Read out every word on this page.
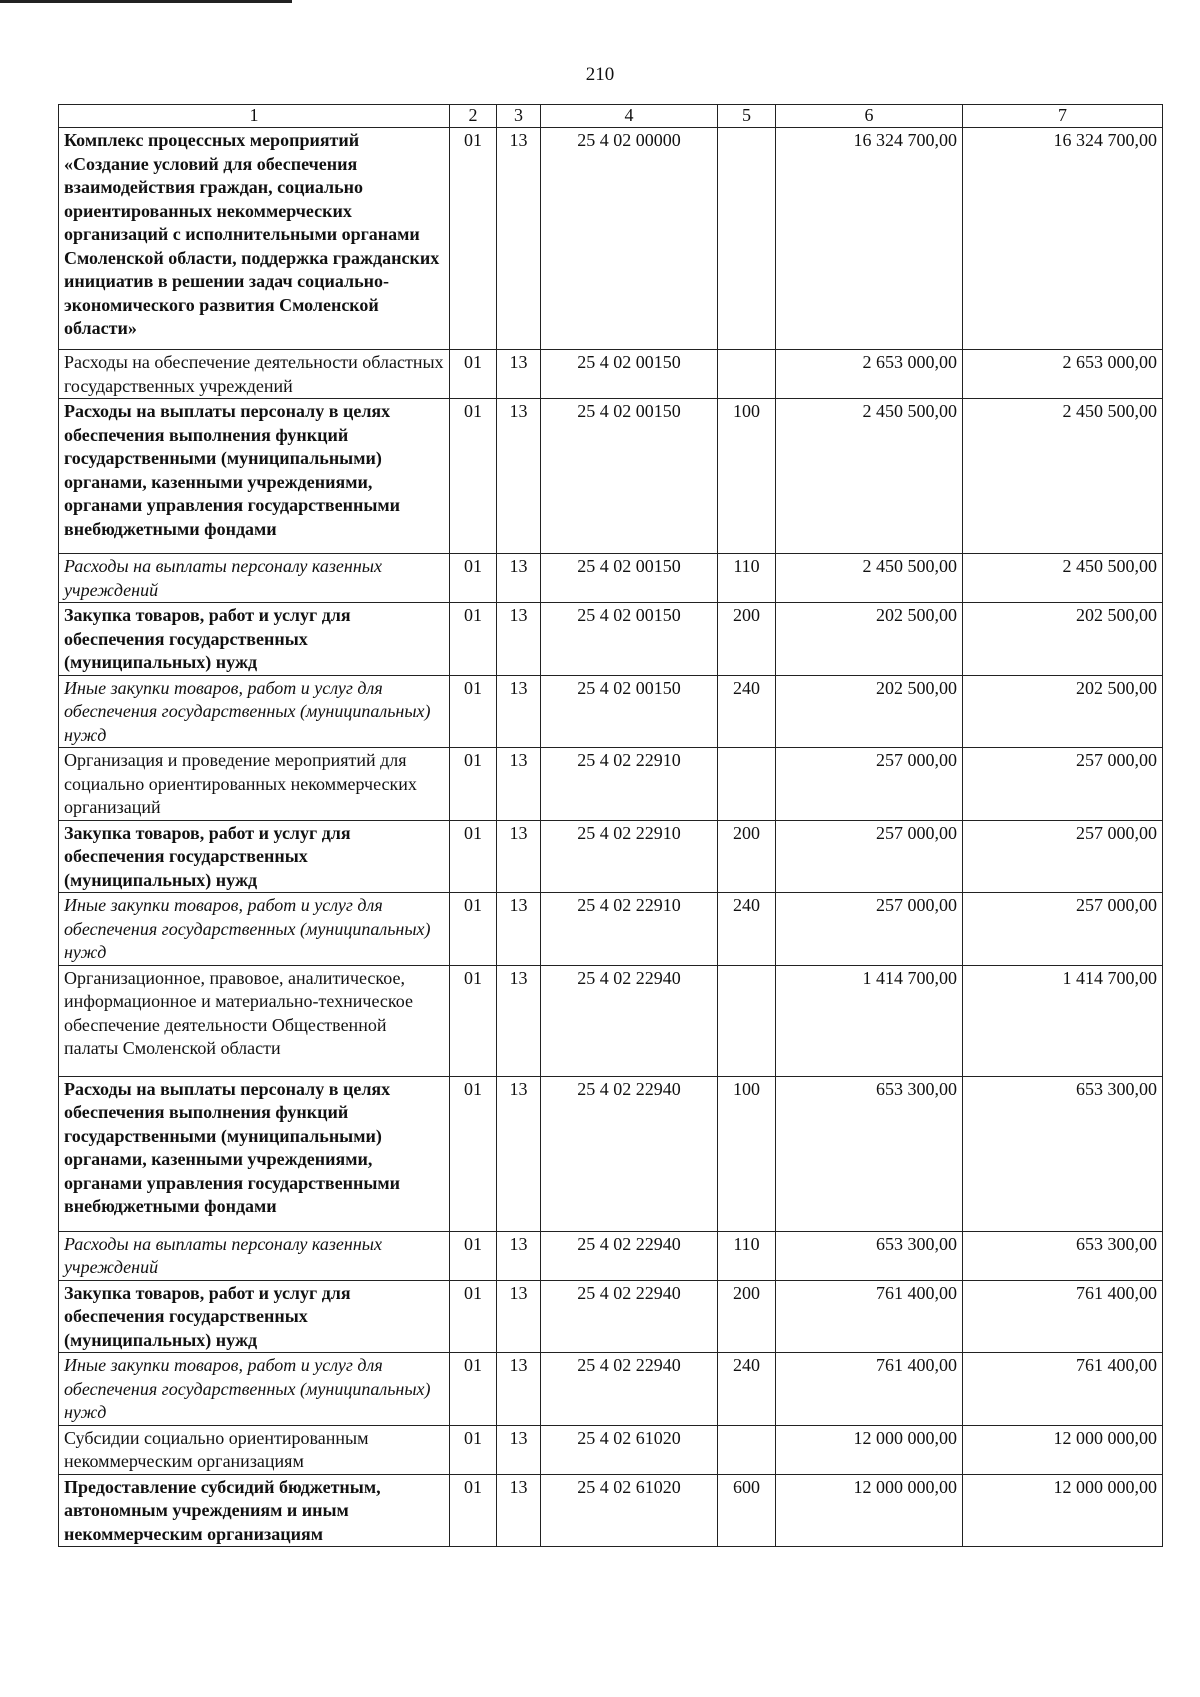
210
1	2	3	4	5	6	7
Комплекс процессных мероприятий «Создание условий для обеспечения взаимодействия граждан, социально ориентированных некоммерческих организаций с исполнительными органами Смоленской области, поддержка гражданских инициатив в решении задач социально-экономического развития Смоленской области»	01	13	25 4 02 00000		16 324 700,00	16 324 700,00
Расходы на обеспечение деятельности областных государственных учреждений	01	13	25 4 02 00150		2 653 000,00	2 653 000,00
Расходы на выплаты персоналу в целях обеспечения выполнения функций государственными (муниципальными) органами, казенными учреждениями, органами управления государственными внебюджетными фондами	01	13	25 4 02 00150	100	2 450 500,00	2 450 500,00
Расходы на выплаты персоналу казенных учреждений	01	13	25 4 02 00150	110	2 450 500,00	2 450 500,00
Закупка товаров, работ и услуг для обеспечения государственных (муниципальных) нужд	01	13	25 4 02 00150	200	202 500,00	202 500,00
Иные закупки товаров, работ и услуг для обеспечения государственных (муниципальных) нужд	01	13	25 4 02 00150	240	202 500,00	202 500,00
Организация и проведение мероприятий для социально ориентированных некоммерческих организаций	01	13	25 4 02 22910		257 000,00	257 000,00
Закупка товаров, работ и услуг для обеспечения государственных (муниципальных) нужд	01	13	25 4 02 22910	200	257 000,00	257 000,00
Иные закупки товаров, работ и услуг для обеспечения государственных (муниципальных) нужд	01	13	25 4 02 22910	240	257 000,00	257 000,00
Организационное, правовое, аналитическое, информационное и материально-техническое обеспечение деятельности Общественной палаты Смоленской области	01	13	25 4 02 22940		1 414 700,00	1 414 700,00
Расходы на выплаты персоналу в целях обеспечения выполнения функций государственными (муниципальными) органами, казенными учреждениями, органами управления государственными внебюджетными фондами	01	13	25 4 02 22940	100	653 300,00	653 300,00
Расходы на выплаты персоналу казенных учреждений	01	13	25 4 02 22940	110	653 300,00	653 300,00
Закупка товаров, работ и услуг для обеспечения государственных (муниципальных) нужд	01	13	25 4 02 22940	200	761 400,00	761 400,00
Иные закупки товаров, работ и услуг для обеспечения государственных (муниципальных) нужд	01	13	25 4 02 22940	240	761 400,00	761 400,00
Субсидии социально ориентированным некоммерческим организациям	01	13	25 4 02 61020		12 000 000,00	12 000 000,00
Предоставление субсидий бюджетным, автономным учреждениям и иным некоммерческим организациям	01	13	25 4 02 61020	600	12 000 000,00	12 000 000,00
